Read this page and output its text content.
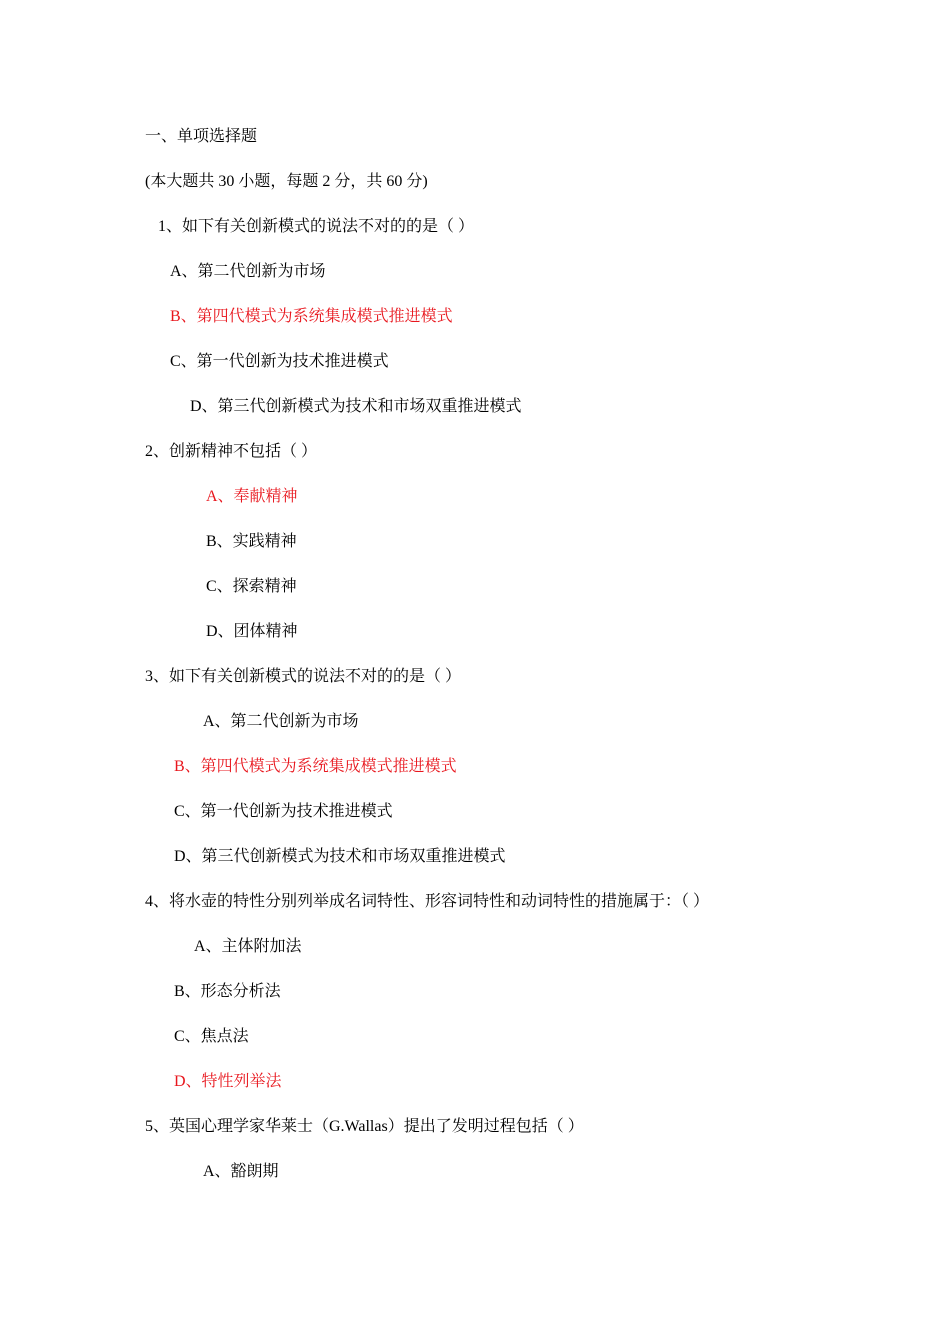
一、单项选择题
(本大题共 30 小题，每题 2 分，共 60 分)
1、如下有关创新模式的说法不对的的是（ ）
A、第二代创新为市场
B、第四代模式为系统集成模式推进模式
C、第一代创新为技术推进模式
D、第三代创新模式为技术和市场双重推进模式
2、创新精神不包括（ ）
A、奉献精神
B、实践精神
C、探索精神
D、团体精神
3、如下有关创新模式的说法不对的的是（ ）
A、第二代创新为市场
B、第四代模式为系统集成模式推进模式
C、第一代创新为技术推进模式
D、第三代创新模式为技术和市场双重推进模式
4、将水壶的特性分别列举成名词特性、形容词特性和动词特性的措施属于：（ ）
A、主体附加法
B、形态分析法
C、焦点法
D、特性列举法
5、英国心理学家华莱士（G.Wallas）提出了发明过程包括（ ）
A、豁朗期
